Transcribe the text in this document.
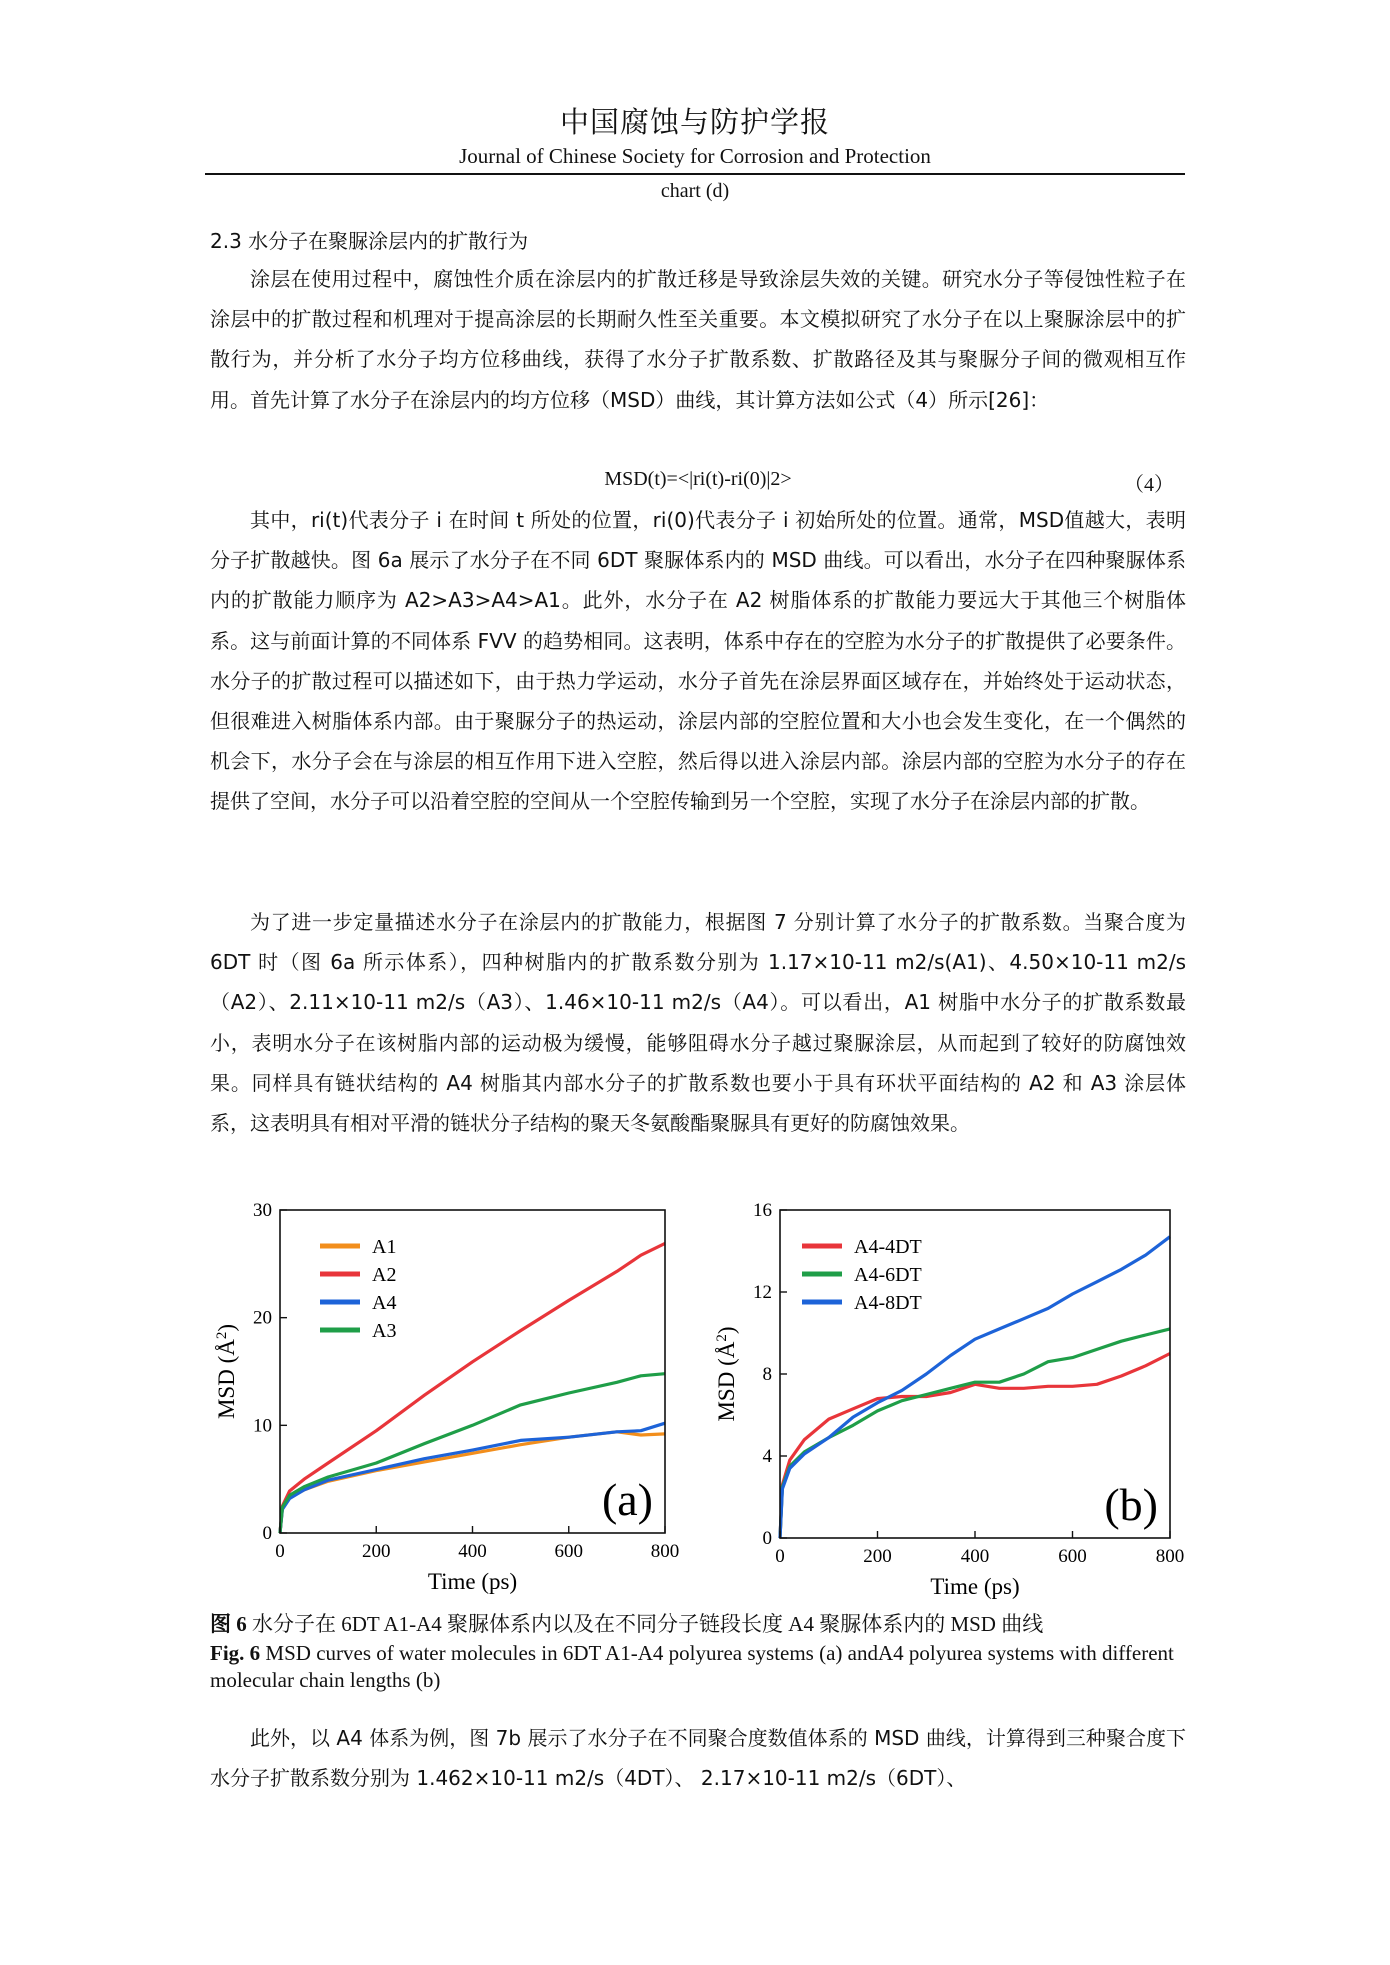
中国腐蚀与防护学报
Journal of Chinese Society for Corrosion and Protection
chart (d)
2.3 水分子在聚脲涂层内的扩散行为
涂层在使用过程中，腐蚀性介质在涂层内的扩散迁移是导致涂层失效的关键。研究水分子等侵蚀性粒子在涂层中的扩散过程和机理对于提高涂层的长期耐久性至关重要。本文模拟研究了水分子在以上聚脲涂层中的扩散行为，并分析了水分子均方位移曲线，获得了水分子扩散系数、扩散路径及其与聚脲分子间的微观相互作用。首先计算了水分子在涂层内的均方位移（MSD）曲线，其计算方法如公式（4）所示[26]：
MSD(t)=<|ri(t)-ri(0)|2>	（4）
其中，ri(t)代表分子 i 在时间 t 所处的位置，ri(0)代表分子 i 初始所处的位置。通常，MSD值越大，表明分子扩散越快。图 6a 展示了水分子在不同 6DT 聚脲体系内的 MSD 曲线。可以看出，水分子在四种聚脲体系内的扩散能力顺序为 A2>A3>A4>A1。此外，水分子在 A2 树脂体系的扩散能力要远大于其他三个树脂体系。这与前面计算的不同体系 FVV 的趋势相同。这表明，体系中存在的空腔为水分子的扩散提供了必要条件。水分子的扩散过程可以描述如下，由于热力学运动，水分子首先在涂层界面区域存在，并始终处于运动状态，但很难进入树脂体系内部。由于聚脲分子的热运动，涂层内部的空腔位置和大小也会发生变化，在一个偶然的机会下，水分子会在与涂层的相互作用下进入空腔，然后得以进入涂层内部。涂层内部的空腔为水分子的存在提供了空间，水分子可以沿着空腔的空间从一个空腔传输到另一个空腔，实现了水分子在涂层内部的扩散。
为了进一步定量描述水分子在涂层内的扩散能力，根据图 7 分别计算了水分子的扩散系数。当聚合度为 6DT 时（图 6a 所示体系），四种树脂内的扩散系数分别为 1.17×10-11 m2/s(A1)、4.50×10-11 m2/s（A2）、2.11×10-11 m2/s（A3）、1.46×10-11 m2/s（A4）。可以看出，A1 树脂中水分子的扩散系数最小，表明水分子在该树脂内部的运动极为缓慢，能够阻碍水分子越过聚脲涂层，从而起到了较好的防腐蚀效果。同样具有链状结构的 A4 树脂其内部水分子的扩散系数也要小于具有环状平面结构的 A2 和 A3 涂层体系，这表明具有相对平滑的链状分子结构的聚天冬氨酸酯聚脲具有更好的防腐蚀效果。
0	200	400	600	800
0
10
20
30
Time (ps)
MSD $(Å^2)$
A1
A2
A4
A3
(a)
0	200	400	600	800
0
4
8
12
16
Time (ps)
MSD $(Å^2)$
A4-4DT
A4-6DT
A4-8DT
(b)
图 6 水分子在 6DT A1-A4 聚脲体系内以及在不同分子链段长度 A4 聚脲体系内的 MSD 曲线
Fig. 6 MSD curves of water molecules in 6DT A1-A4 polyurea systems (a) andA4 polyurea systems with different molecular chain lengths (b)
此外，以 A4 体系为例，图 7b 展示了水分子在不同聚合度数值体系的 MSD 曲线，计算得到三种聚合度下水分子扩散系数分别为 1.462×10-11 m2/s（4DT）、 2.17×10-11 m2/s（6DT）、
